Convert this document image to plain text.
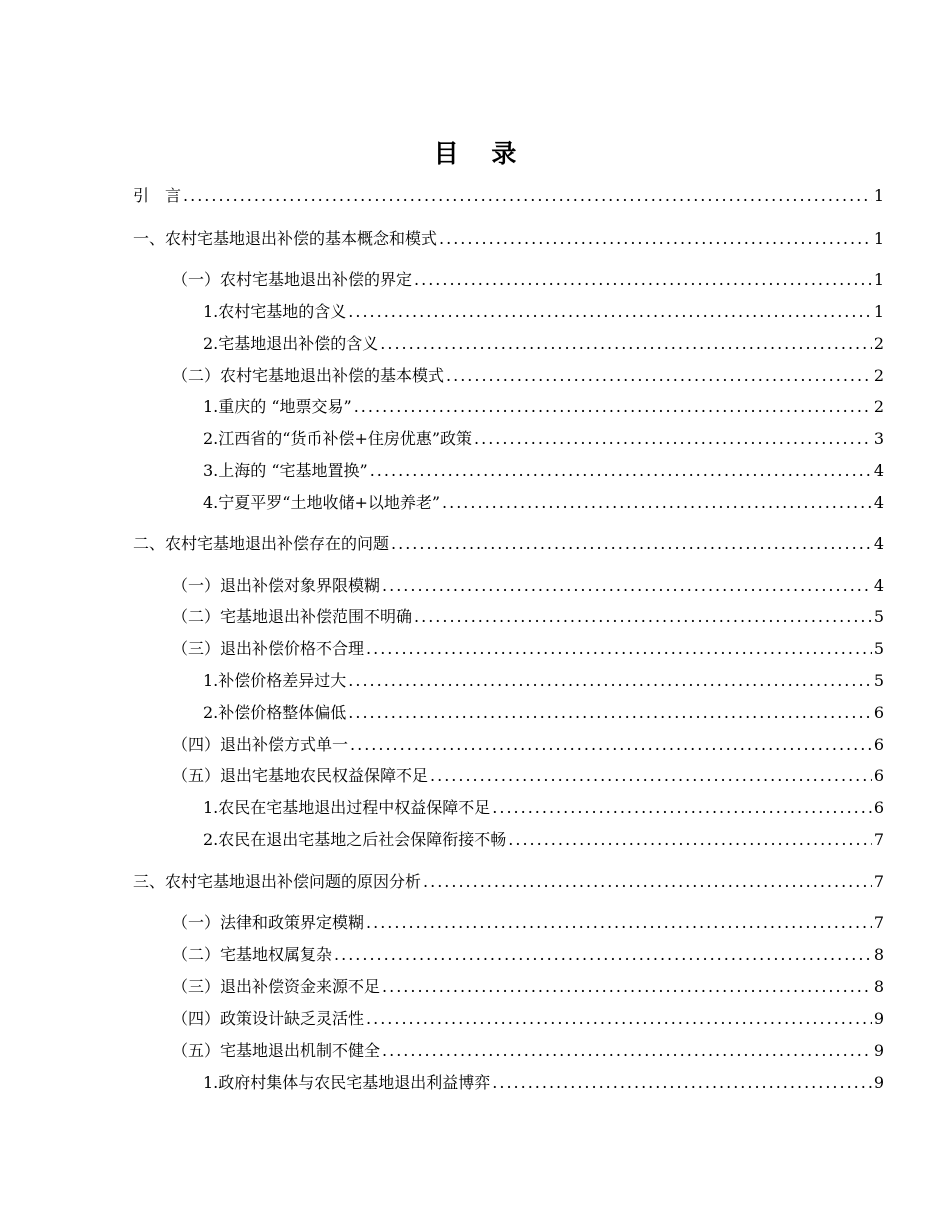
目 录
引　言 .....	1
一、农村宅基地退出补偿的基本概念和模式 .....	1
（一）农村宅基地退出补偿的界定 .....	1
1.农村宅基地的含义 .....	1
2.宅基地退出补偿的含义 .....	2
（二）农村宅基地退出补偿的基本模式 .....	2
1.重庆的 “地票交易” .....	2
2.江西省的“货币补偿+住房优惠”政策 .....	3
3.上海的 “宅基地置换” .....	4
4.宁夏平罗“土地收储+以地养老” .....	4
二、农村宅基地退出补偿存在的问题 .....	4
（一）退出补偿对象界限模糊 .....	4
（二）宅基地退出补偿范围不明确 .....	5
（三）退出补偿价格不合理 .....	5
1.补偿价格差异过大 .....	5
2.补偿价格整体偏低 .....	6
（四）退出补偿方式单一 .....	6
（五）退出宅基地农民权益保障不足 .....	6
1.农民在宅基地退出过程中权益保障不足 .....	6
2.农民在退出宅基地之后社会保障衔接不畅 .....	7
三、农村宅基地退出补偿问题的原因分析 .....	7
（一）法律和政策界定模糊 .....	7
（二）宅基地权属复杂 .....	8
（三）退出补偿资金来源不足 .....	8
（四）政策设计缺乏灵活性 .....	9
（五）宅基地退出机制不健全 .....	9
1.政府村集体与农民宅基地退出利益博弈 .....	9
